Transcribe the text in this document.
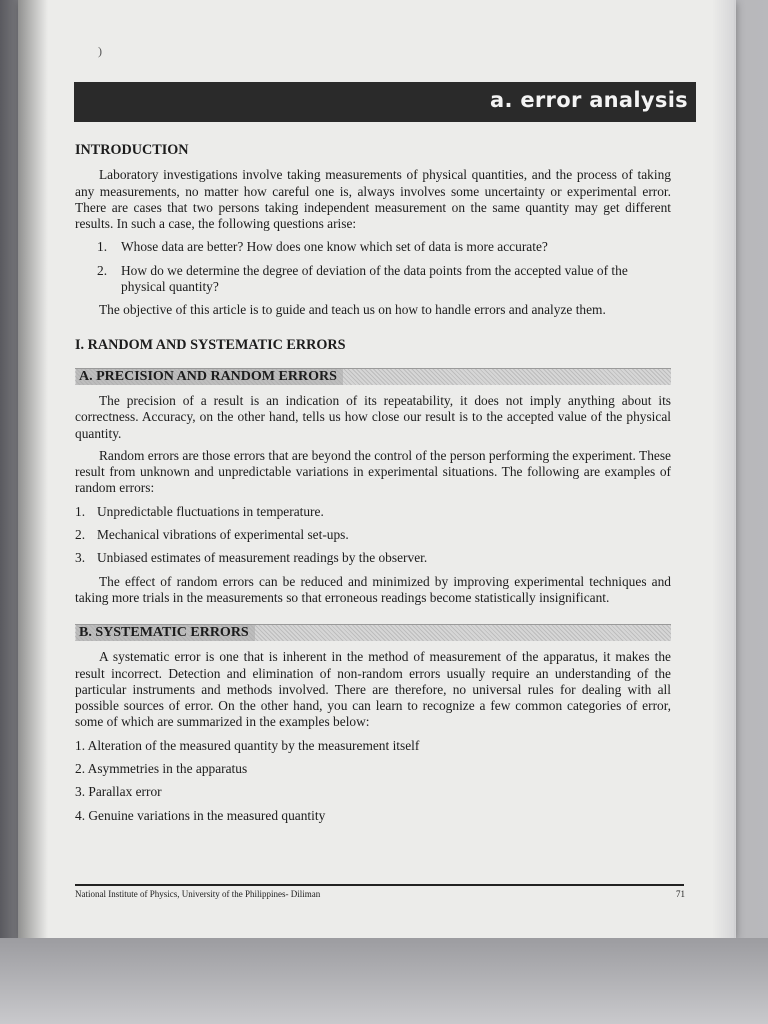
)
a. error analysis
INTRODUCTION

Laboratory investigations involve taking measurements of physical quantities, and the process of taking any measurements, no matter how careful one is, always involves some uncertainty or experimental error. There are cases that two persons taking independent measurement on the same quantity may get different results. In such a case, the following questions arise:

1. Whose data are better? How does one know which set of data is more accurate?
2. How do we determine the degree of deviation of the data points from the accepted value of the physical quantity?

The objective of this article is to guide and teach us on how to handle errors and analyze them.

I. RANDOM AND SYSTEMATIC ERRORS
A. PRECISION AND RANDOM ERRORS

The precision of a result is an indication of its repeatability, it does not imply anything about its correctness. Accuracy, on the other hand, tells us how close our result is to the accepted value of the physical quantity.

Random errors are those errors that are beyond the control of the person performing the experiment. These result from unknown and unpredictable variations in experimental situations. The following are examples of random errors:

1. Unpredictable fluctuations in temperature.
2. Mechanical vibrations of experimental set-ups.
3. Unbiased estimates of measurement readings by the observer.

The effect of random errors can be reduced and minimized by improving experimental techniques and taking more trials in the measurements so that erroneous readings become statistically insignificant.

B. SYSTEMATIC ERRORS

A systematic error is one that is inherent in the method of measurement of the apparatus, it makes the result incorrect. Detection and elimination of non-random errors usually require an understanding of the particular instruments and methods involved. There are therefore, no universal rules for dealing with all possible sources of error. On the other hand, you can learn to recognize a few common categories of error, some of which are summarized in the examples below:

1. Alteration of the measured quantity by the measurement itself
2. Asymmetries in the apparatus
3. Parallax error
4. Genuine variations in the measured quantity
National Institute of Physics, University of the Philippines- Diliman	71
